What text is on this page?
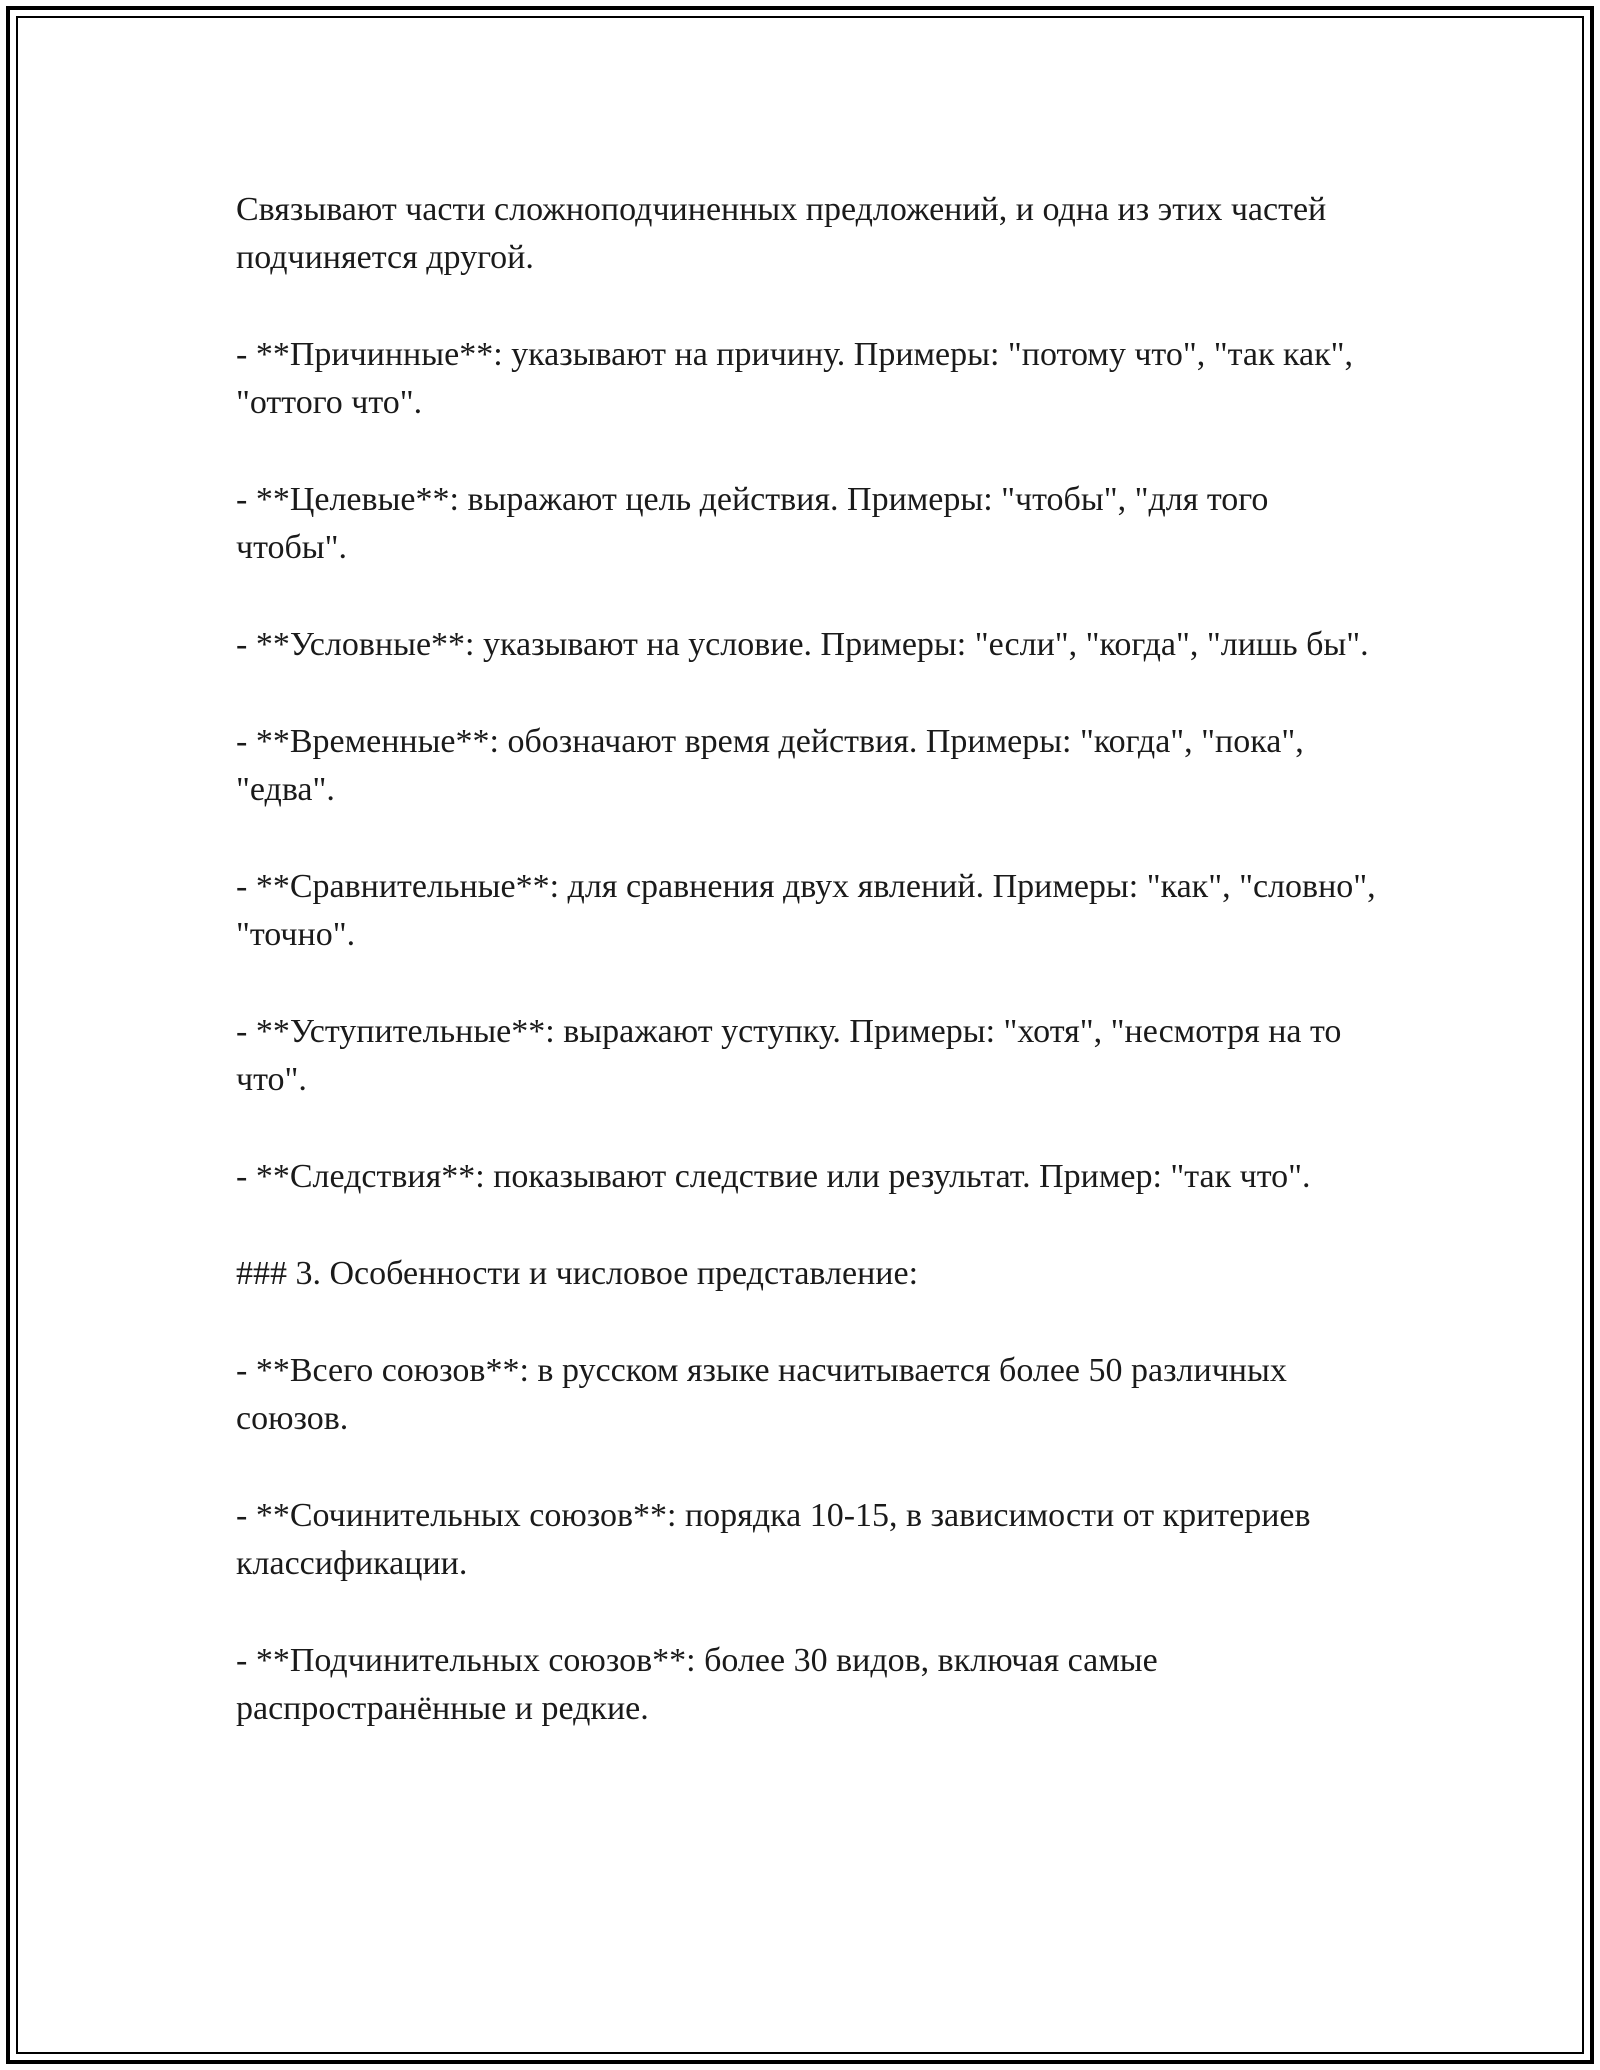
Связывают части сложноподчиненных предложений, и одна из этих частей подчиняется другой.

- **Причинные**: указывают на причину. Примеры: "потому что", "так как", "оттого что".

- **Целевые**: выражают цель действия. Примеры: "чтобы", "для того чтобы".

- **Условные**: указывают на условие. Примеры: "если", "когда", "лишь бы".

- **Временные**: обозначают время действия. Примеры: "когда", "пока", "едва".

- **Сравнительные**: для сравнения двух явлений. Примеры: "как", "словно", "точно".

- **Уступительные**: выражают уступку. Примеры: "хотя", "несмотря на то что".

- **Следствия**: показывают следствие или результат. Пример: "так что".

### 3. Особенности и числовое представление:

- **Всего союзов**: в русском языке насчитывается более 50 различных союзов.

- **Сочинительных союзов**: порядка 10-15, в зависимости от критериев классификации.

- **Подчинительных союзов**: более 30 видов, включая самые распространённые и редкие.
